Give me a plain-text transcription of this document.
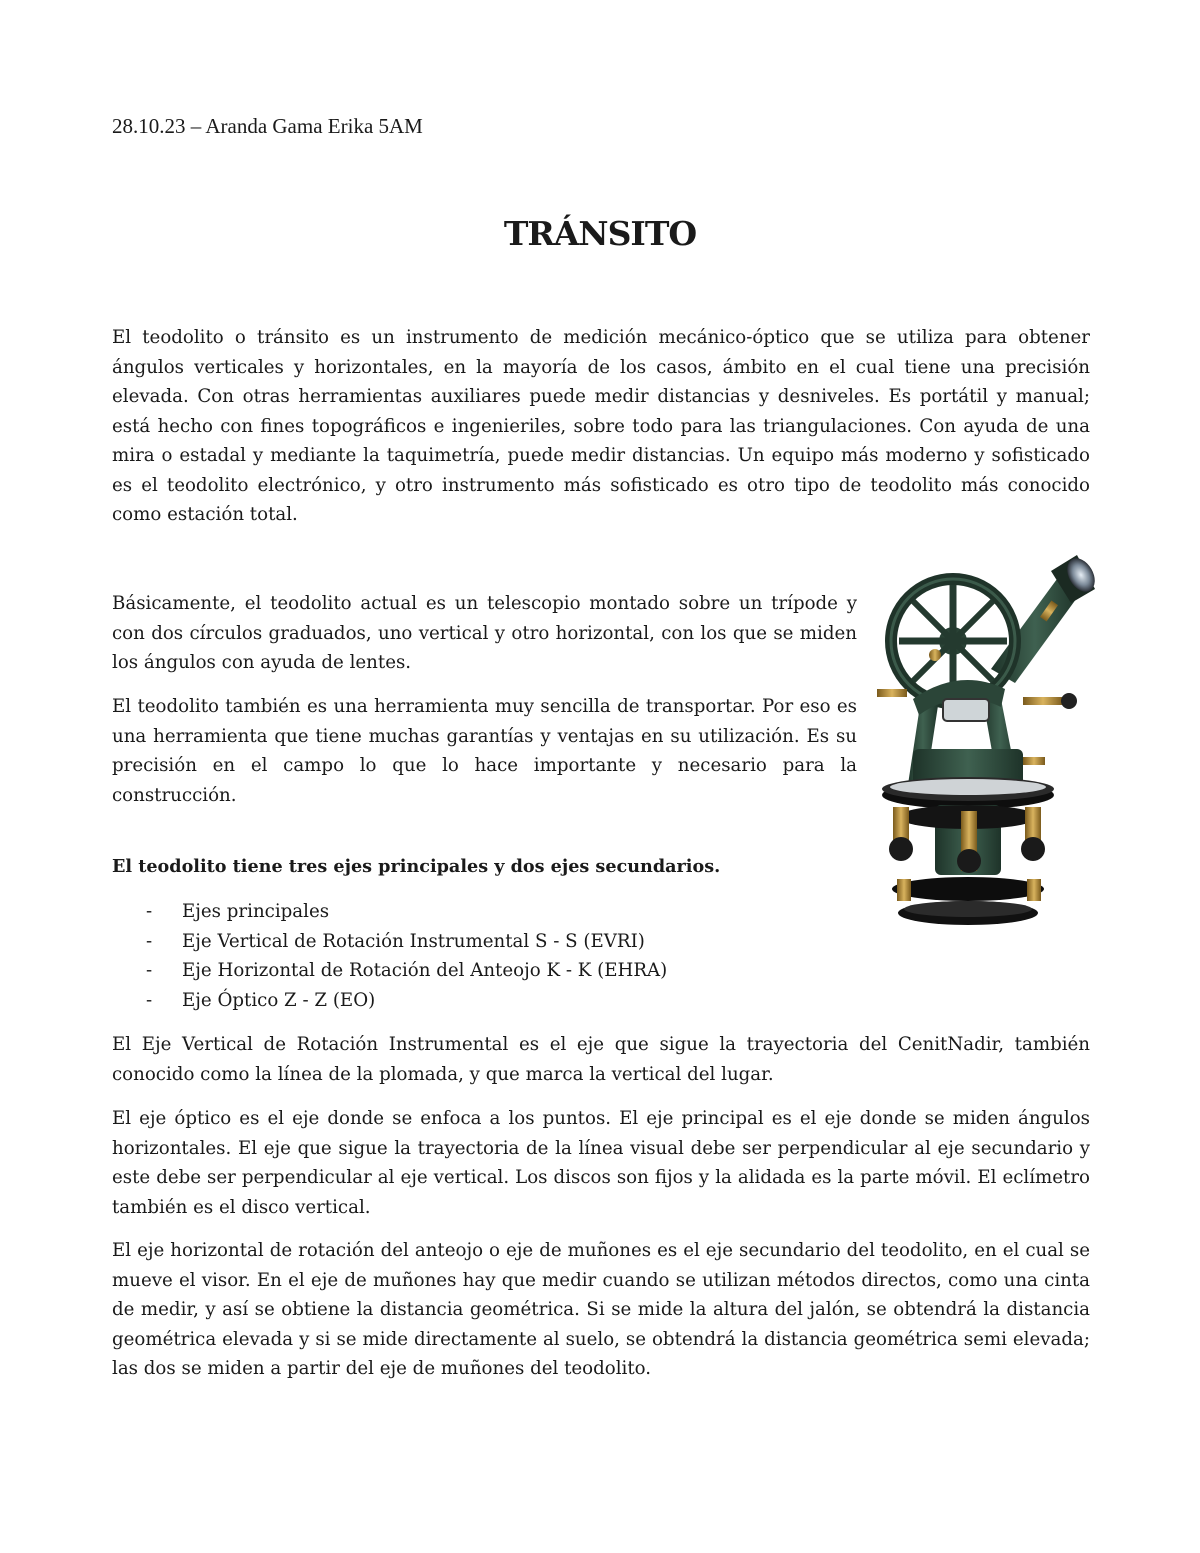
28.10.23 – Aranda Gama Erika 5AM
TRÁNSITO

El teodolito o tránsito es un instrumento de medición mecánico-óptico que se utiliza para obtener ángulos verticales y horizontales, en la mayoría de los casos, ámbito en el cual tiene una precisión elevada. Con otras herramientas auxiliares puede medir distancias y desniveles. Es portátil y manual; está hecho con fines topográficos e ingenieriles, sobre todo para las triangulaciones. Con ayuda de una mira o estadal y mediante la taquimetría, puede medir distancias. Un equipo más moderno y sofisticado es el teodolito electrónico, y otro instrumento más sofisticado es otro tipo de teodolito más conocido como estación total.

Básicamente, el teodolito actual es un telescopio montado sobre un trípode y con dos círculos graduados, uno vertical y otro horizontal, con los que se miden los ángulos con ayuda de lentes.

El teodolito también es una herramienta muy sencilla de transportar. Por eso es una herramienta que tiene muchas garantías y ventajas en su utilización. Es su precisión en el campo lo que lo hace importante y necesario para la construcción.

El teodolito tiene tres ejes principales y dos ejes secundarios.
- Ejes principales
- Eje Vertical de Rotación Instrumental S - S (EVRI)
- Eje Horizontal de Rotación del Anteojo K - K (EHRA)
- Eje Óptico Z - Z (EO)

El Eje Vertical de Rotación Instrumental es el eje que sigue la trayectoria del CenitNadir, también conocido como la línea de la plomada, y que marca la vertical del lugar.

El eje óptico es el eje donde se enfoca a los puntos. El eje principal es el eje donde se miden ángulos horizontales. El eje que sigue la trayectoria de la línea visual debe ser perpendicular al eje secundario y este debe ser perpendicular al eje vertical. Los discos son fijos y la alidada es la parte móvil. El eclímetro también es el disco vertical.

El eje horizontal de rotación del anteojo o eje de muñones es el eje secundario del teodolito, en el cual se mueve el visor. En el eje de muñones hay que medir cuando se utilizan métodos directos, como una cinta de medir, y así se obtiene la distancia geométrica. Si se mide la altura del jalón, se obtendrá la distancia geométrica elevada y si se mide directamente al suelo, se obtendrá la distancia geométrica semi elevada; las dos se miden a partir del eje de muñones del teodolito.
